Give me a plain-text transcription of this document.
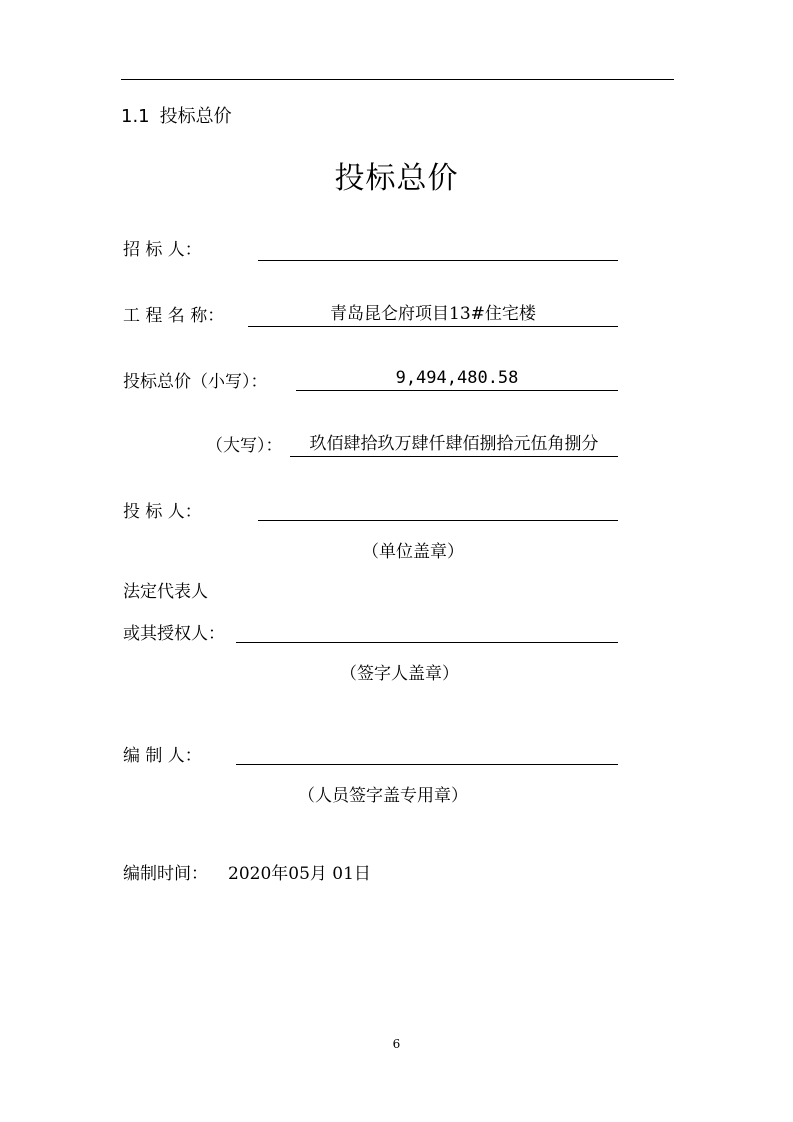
1.1 投标总价
投标总价
招 标 人：
工 程 名 称：	青岛昆仑府项目13#住宅楼
投标总价（小写）：	9,494,480.58
（大写）：	玖佰肆拾玖万肆仟肆佰捌拾元伍角捌分
投 标 人：
（单位盖章）
法定代表人
或其授权人：
（签字人盖章）
编 制 人：
（人员签字盖专用章）
编制时间： 2020年05月 01日
6
